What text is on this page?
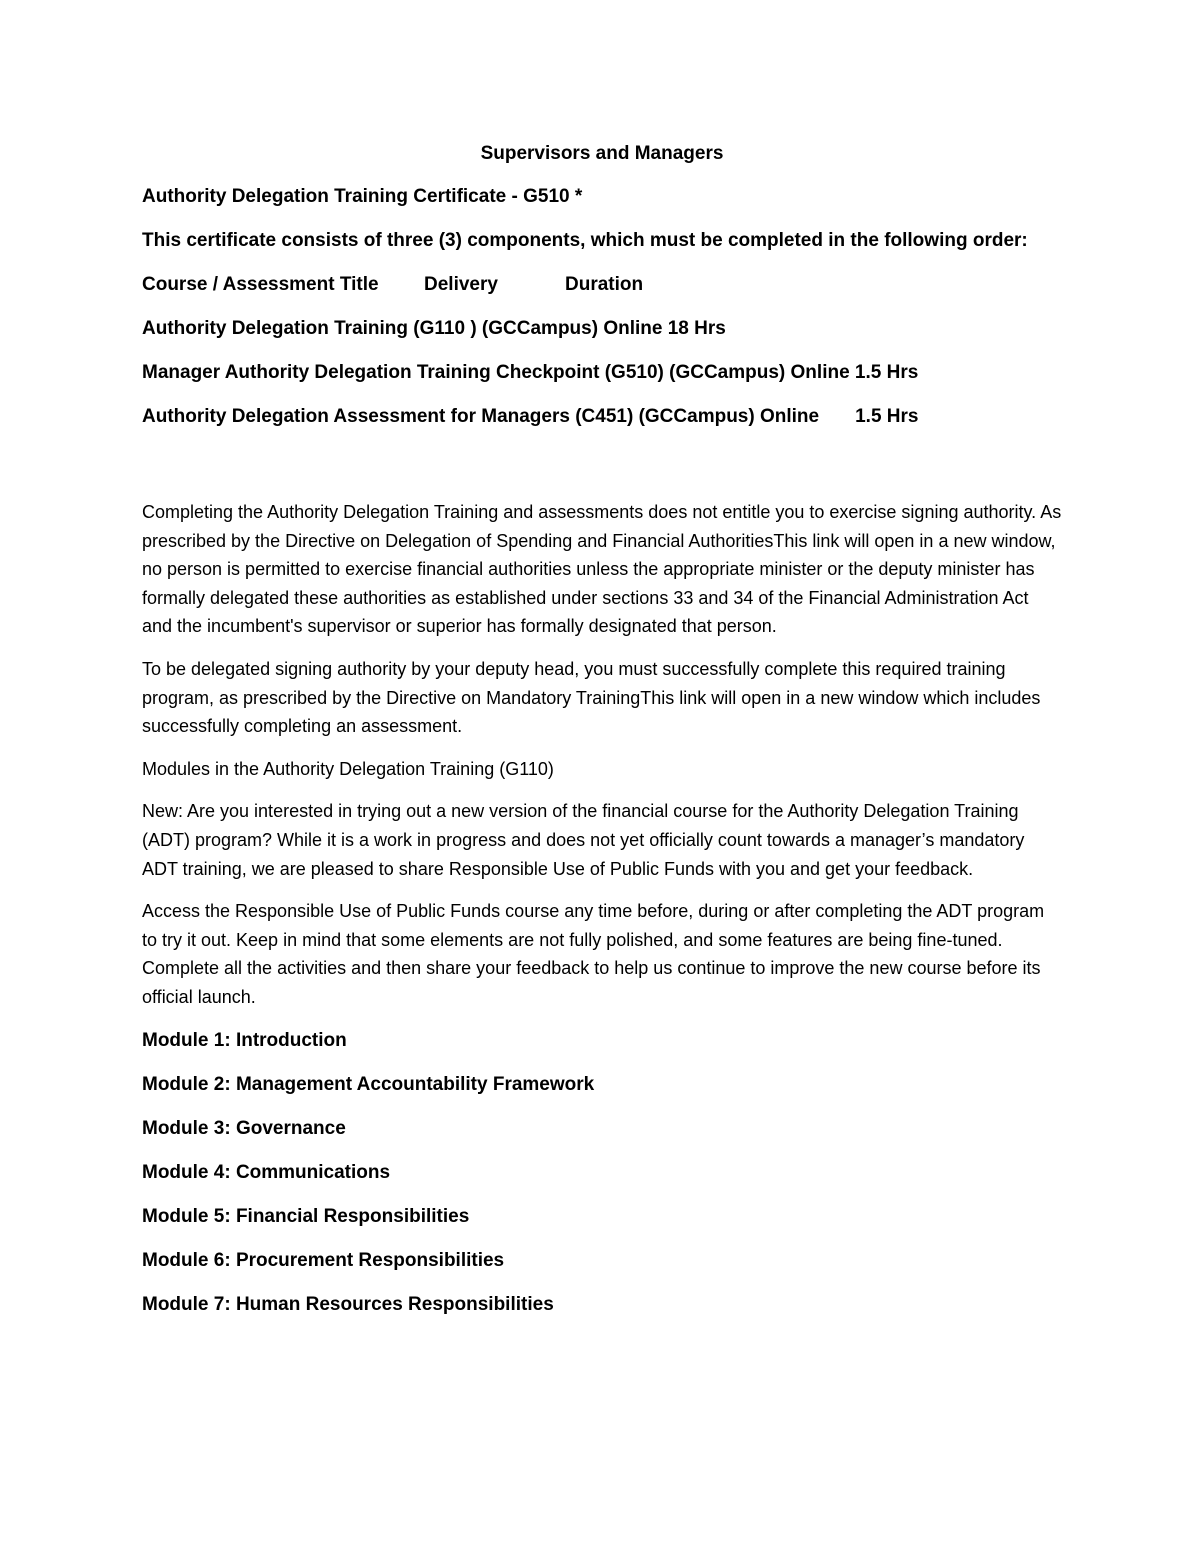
Supervisors and Managers
Authority Delegation Training Certificate - G510 *
This certificate consists of three (3) components, which must be completed in the following order:
Course / Assessment Title Delivery	Duration
Authority Delegation Training (G110 ) (GCCampus) Online 18 Hrs
Manager Authority Delegation Training Checkpoint (G510) (GCCampus) Online 1.5 Hrs
Authority Delegation Assessment for Managers (C451) (GCCampus) Online 1.5 Hrs

Completing the Authority Delegation Training and assessments does not entitle you to exercise signing authority. As prescribed by the Directive on Delegation of Spending and Financial AuthoritiesThis link will open in a new window, no person is permitted to exercise financial authorities unless the appropriate minister or the deputy minister has formally delegated these authorities as established under sections 33 and 34 of the Financial Administration Act and the incumbent's supervisor or superior has formally designated that person.

To be delegated signing authority by your deputy head, you must successfully complete this required training program, as prescribed by the Directive on Mandatory TrainingThis link will open in a new window which includes successfully completing an assessment.

Modules in the Authority Delegation Training (G110)

New: Are you interested in trying out a new version of the financial course for the Authority Delegation Training (ADT) program? While it is a work in progress and does not yet officially count towards a manager’s mandatory ADT training, we are pleased to share Responsible Use of Public Funds with you and get your feedback.

Access the Responsible Use of Public Funds course any time before, during or after completing the ADT program to try it out. Keep in mind that some elements are not fully polished, and some features are being fine-tuned. Complete all the activities and then share your feedback to help us continue to improve the new course before its official launch.

Module 1: Introduction
Module 2: Management Accountability Framework
Module 3: Governance
Module 4: Communications
Module 5: Financial Responsibilities
Module 6: Procurement Responsibilities
Module 7: Human Resources Responsibilities
